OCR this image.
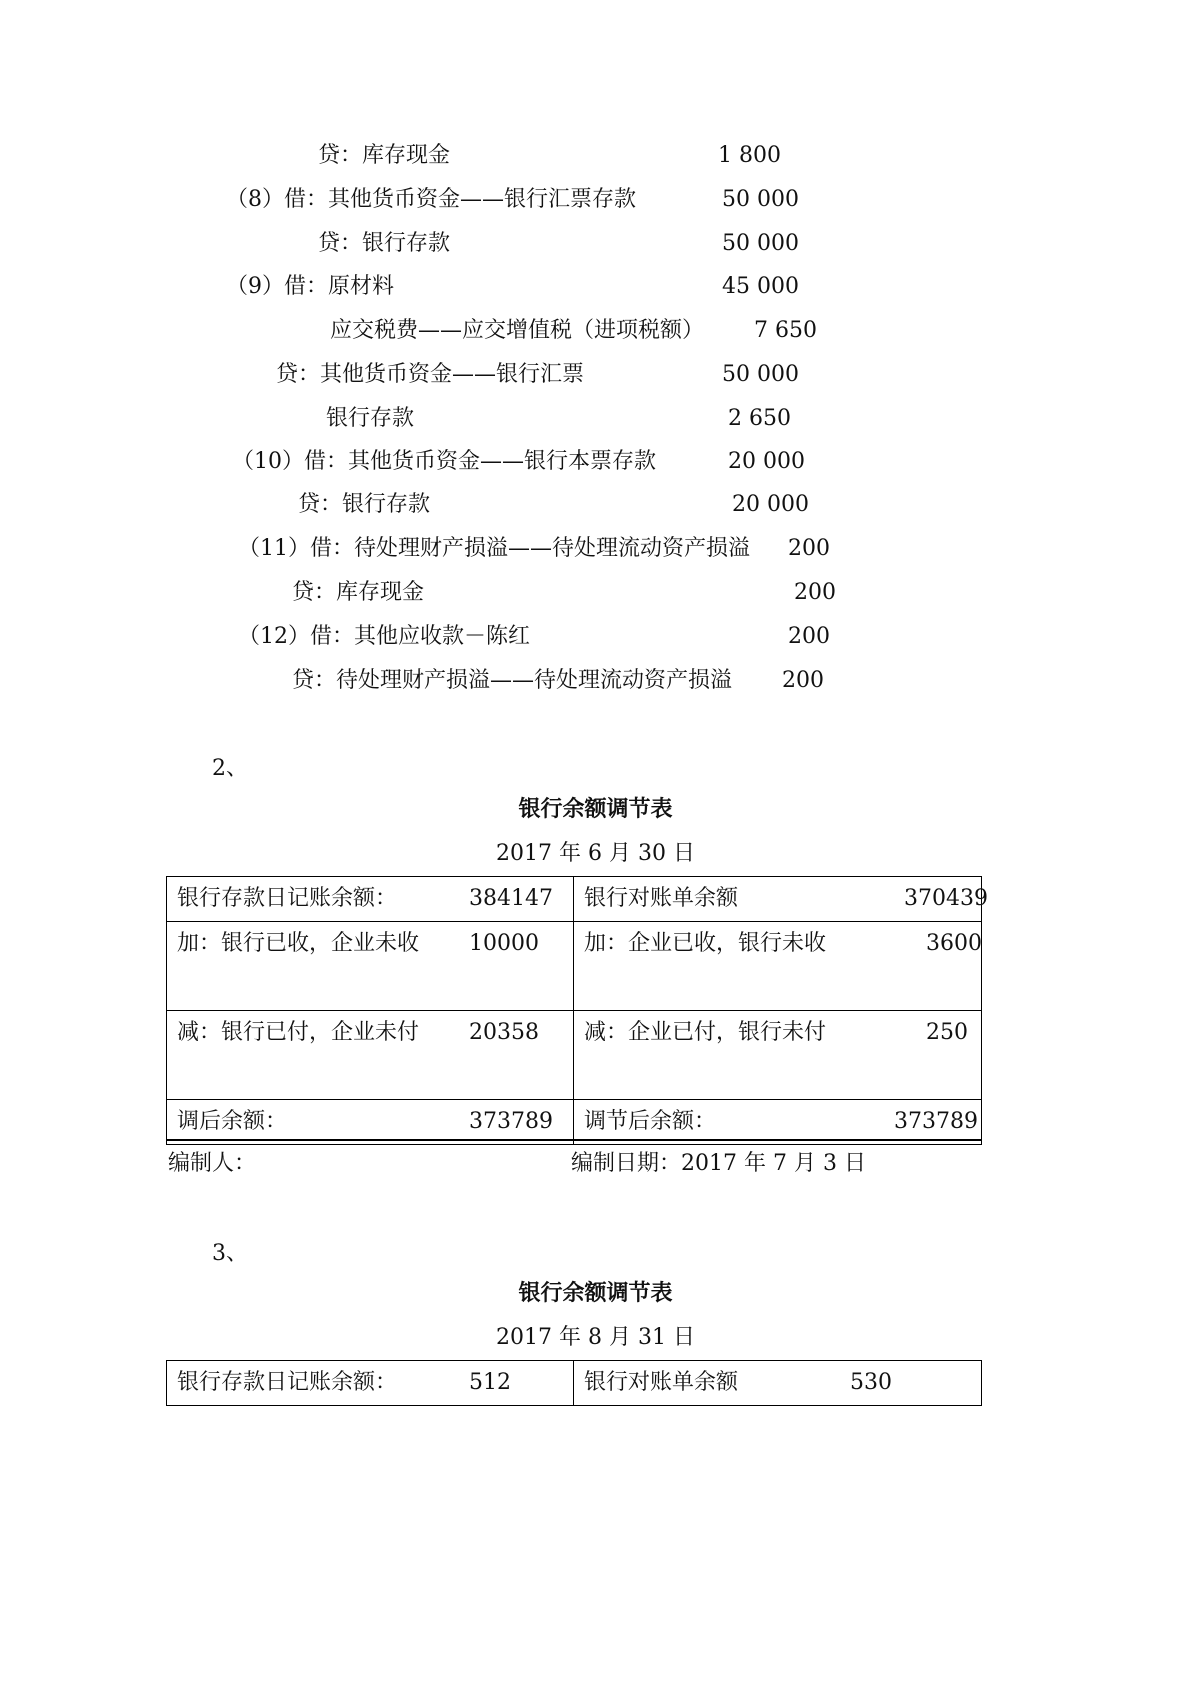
贷：库存现金	1 800
（8）借：其他货币资金——银行汇票存款	50 000
贷：银行存款	50 000
（9）借：原材料	45 000
应交税费——应交增值税（进项税额） 7 650
贷：其他货币资金——银行汇票	50 000
银行存款	2 650
（10）借：其他货币资金——银行本票存款	20 000
贷：银行存款	20 000
（11）借：待处理财产损溢——待处理流动资产损溢 200
贷：库存现金	200
（12）借：其他应收款－陈红	200
贷：待处理财产损溢——待处理流动资产损溢 200
2、
银行余额调节表
2017 年 6 月 30 日
银行存款日记账余额： 384147	银行对账单余额 370439

加：银行已收，企业未收 10000	加：企业已收，银行未收 3600

减：银行已付，企业未付 20358	减：企业已付，银行未付 250

调后余额： 373789	调节后余额： 373789
编制人：	编制日期：2017 年 7 月 3 日
3、
银行余额调节表
2017 年 8 月 31 日
银行存款日记账余额：	512	银行对账单余额	530
